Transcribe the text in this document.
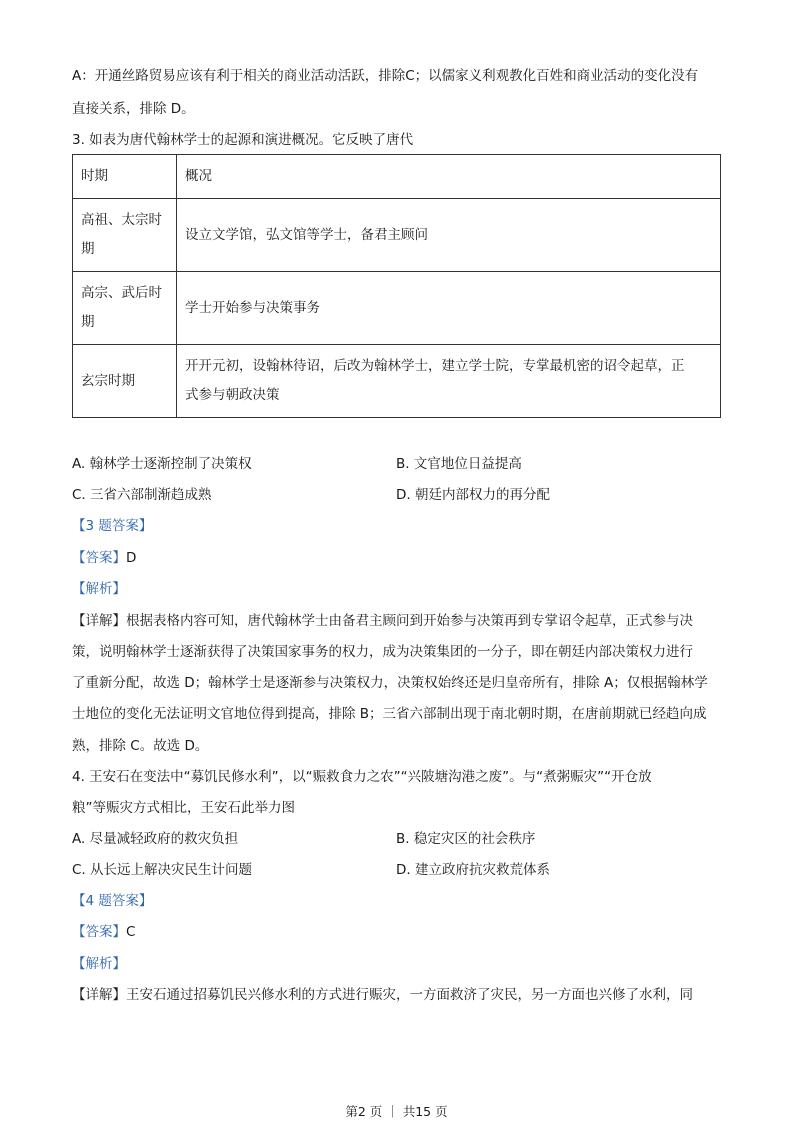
A：开通丝路贸易应该有利于相关的商业活动活跃，排除C；以儒家义利观教化百姓和商业活动的变化没有
直接关系，排除 D。
3. 如表为唐代翰林学士的起源和演进概况。它反映了唐代
时期	概况

高祖、太宗时
期	设立文学馆，弘文馆等学士，备君主顾问

高宗、武后时
期	学士开始参与决策事务
玄宗时期	开开元初，设翰林待诏，后改为翰林学士，建立学士院，专掌最机密的诏令起草，正
式参与朝政决策
A. 翰林学士逐渐控制了决策权	B. 文官地位日益提高
C. 三省六部制渐趋成熟	D. 朝廷内部权力的再分配
【3 题答案】
【答案】D
【解析】
【详解】根据表格内容可知，唐代翰林学士由备君主顾问到开始参与决策再到专掌诏令起草，正式参与决
策，说明翰林学士逐渐获得了决策国家事务的权力，成为决策集团的一分子，即在朝廷内部决策权力进行
了重新分配，故选 D；翰林学士是逐渐参与决策权力，决策权始终还是归皇帝所有，排除 A；仅根据翰林学
士地位的变化无法证明文官地位得到提高，排除 B；三省六部制出现于南北朝时期，在唐前期就已经趋向成
熟，排除 C。故选 D。
4. 王安石在变法中“募饥民修水利”，以“赈救食力之农”“兴陂塘沟港之废”。与“煮粥赈灾”“开仓放
粮”等赈灾方式相比，王安石此举力图
A. 尽量减轻政府的救灾负担	B. 稳定灾区的社会秩序
C. 从长远上解决灾民生计问题	D. 建立政府抗灾救荒体系
【4 题答案】
【答案】C
【解析】
【详解】王安石通过招募饥民兴修水利的方式进行赈灾，一方面救济了灾民，另一方面也兴修了水利，同
第2 页 ｜ 共15 页
